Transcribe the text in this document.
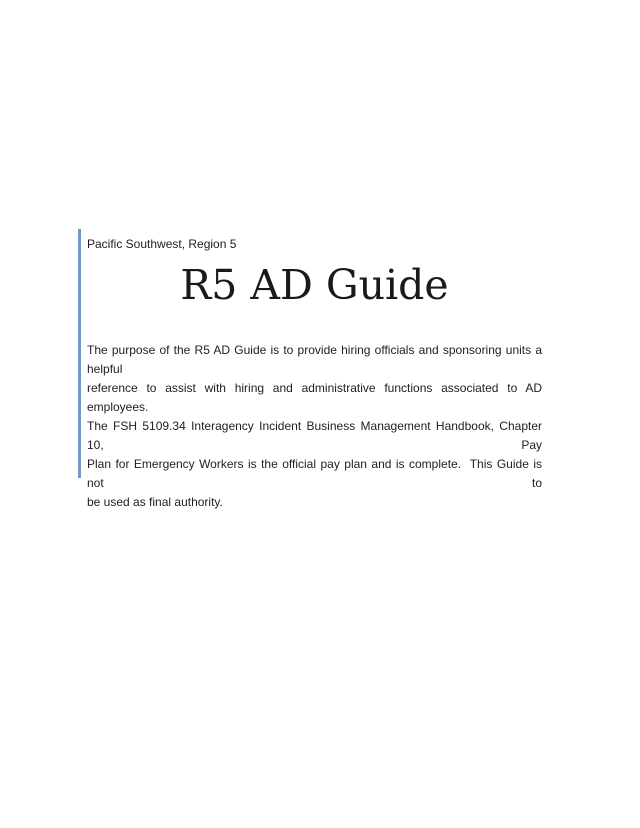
Pacific Southwest, Region 5
R5 AD Guide
The purpose of the R5 AD Guide is to provide hiring officials and sponsoring units a helpful
reference to assist with hiring and administrative functions associated to AD employees.
The FSH 5109.34 Interagency Incident Business Management Handbook, Chapter 10, Pay
Plan for Emergency Workers is the official pay plan and is complete.  This Guide is not to
be used as final authority.
